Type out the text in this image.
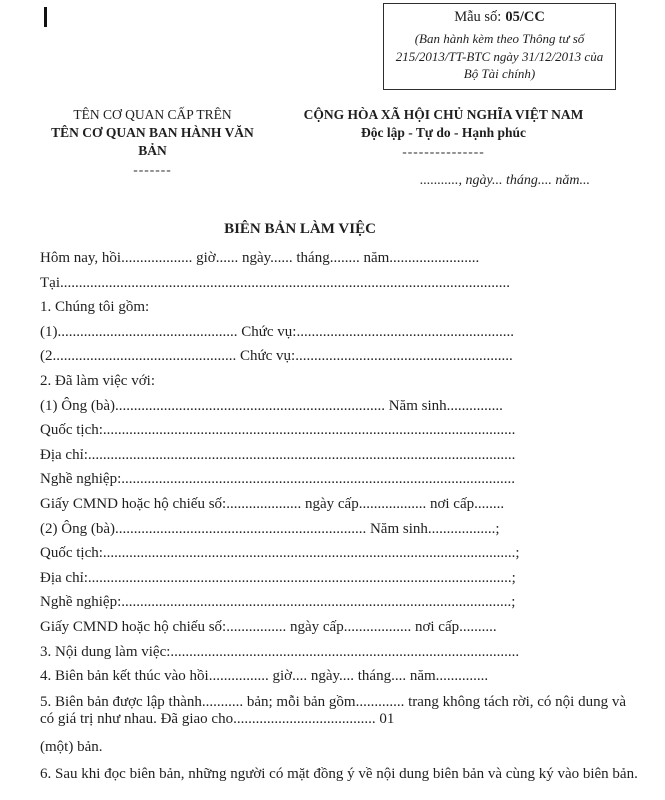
Mẫu số: 05/CC
(Ban hành kèm theo Thông tư số 215/2013/TT-BTC ngày 31/12/2013 của Bộ Tài chính)
TÊN CƠ QUAN CẤP TRÊN
TÊN CƠ QUAN BAN HÀNH VĂN BẢN
-------
CỘNG HÒA XÃ HỘI CHỦ NGHĨA VIỆT NAM
Độc lập - Tự do - Hạnh phúc
---------------
..........., ngày... tháng.... năm...
BIÊN BẢN LÀM VIỆC
Hôm nay, hồi................... giờ...... ngày...... tháng........ năm........................
Tại........................................................................................................................
1. Chúng tôi gồm:
(1)................................................ Chức vụ:..........................................................
(2................................................. Chức vụ:..........................................................
2. Đã làm việc với:
(1) Ông (bà)........................................................................ Năm sinh...............
Quốc tịch:..............................................................................................................
Địa chỉ:..................................................................................................................
Nghề nghiệp:.........................................................................................................
Giấy CMND hoặc hộ chiếu số:.................... ngày cấp.................. nơi cấp........
(2) Ông (bà)................................................................... Năm sinh..................;
Quốc tịch:..............................................................................................................;
Địa chỉ:.................................................................................................................;
Nghề nghiệp:........................................................................................................;
Giấy CMND hoặc hộ chiếu số:................ ngày cấp.................. nơi cấp..........
3. Nội dung làm việc:.............................................................................................
4. Biên bản kết thúc vào hồi................ giờ.... ngày.... tháng.... năm..............

5. Biên bản được lập thành........... bản; mỗi bản gồm............. trang không tách rời, có nội dung và có giá trị như nhau. Đã giao cho...................................... 01

(một) bản.

6. Sau khi đọc biên bản, những người có mặt đồng ý về nội dung biên bản và cùng ký vào biên bản.
